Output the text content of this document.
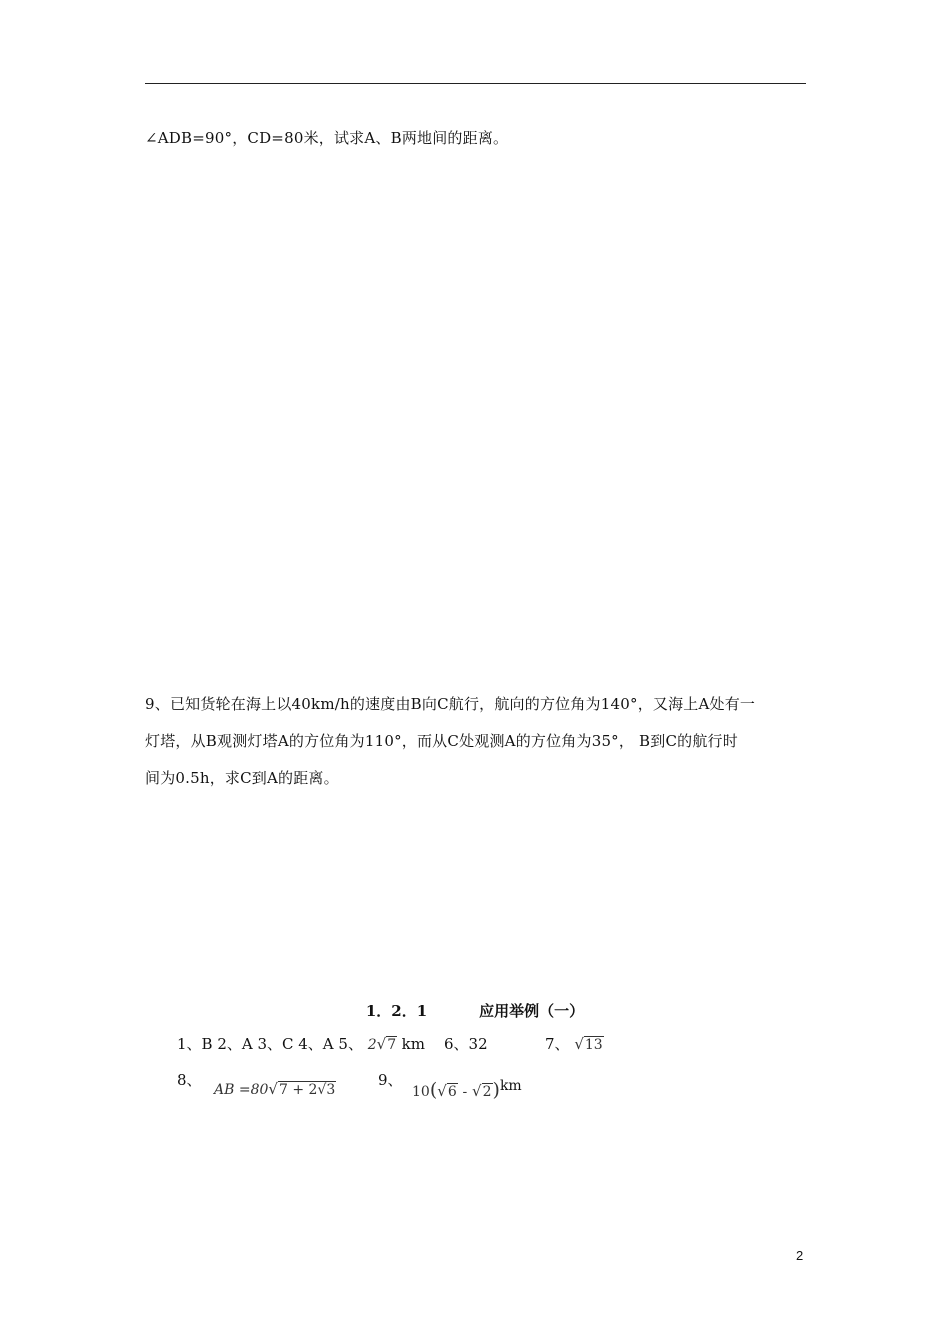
∠ADB=90°，CD=80米，试求A、B两地间的距离。
9、已知货轮在海上以40km/h的速度由B向C航行，航向的方位角为140°，又海上A处有一
灯塔，从B观测灯塔A的方位角为110°，而从C处观测A的方位角为35°， B到C的航行时
间为0.5h，求C到A的距离。
1．2．1	应用举例（一）
1、B 2、A 3、C 4、A 5、 2√7 km 6、32	7、 √13
8、
AB =80√7 + 2√3
9、
10(√6 - √2)$^{km}$
2
